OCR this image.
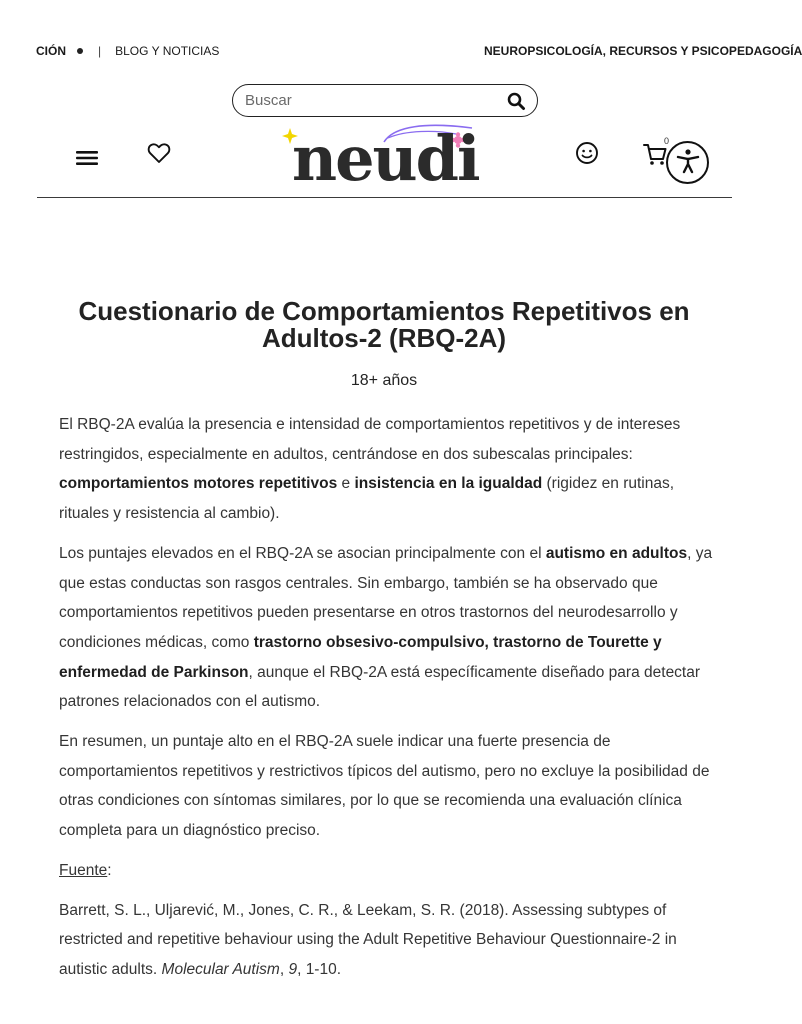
CIÓN	|	BLOG Y NOTICIAS	NEUROPSICOLOGÍA, RECURSOS Y PSICOPEDAGOGÍA
Buscar
neudi	0
Cuestionario de Comportamientos Repetitivos en Adultos-2 (RBQ-2A)
18+ años

El RBQ-2A evalúa la presencia e intensidad de comportamientos repetitivos y de intereses restringidos, especialmente en adultos, centrándose en dos subescalas principales: comportamientos motores repetitivos e insistencia en la igualdad (rigidez en rutinas, rituales y resistencia al cambio).

Los puntajes elevados en el RBQ-2A se asocian principalmente con el autismo en adultos, ya que estas conductas son rasgos centrales. Sin embargo, también se ha observado que comportamientos repetitivos pueden presentarse en otros trastornos del neurodesarrollo y condiciones médicas, como trastorno obsesivo-compulsivo, trastorno de Tourette y enfermedad de Parkinson, aunque el RBQ-2A está específicamente diseñado para detectar patrones relacionados con el autismo.

En resumen, un puntaje alto en el RBQ-2A suele indicar una fuerte presencia de comportamientos repetitivos y restrictivos típicos del autismo, pero no excluye la posibilidad de otras condiciones con síntomas similares, por lo que se recomienda una evaluación clínica completa para un diagnóstico preciso.

Fuente:

Barrett, S. L., Uljarević, M., Jones, C. R., & Leekam, S. R. (2018). Assessing subtypes of restricted and repetitive behaviour using the Adult Repetitive Behaviour Questionnaire-2 in autistic adults. Molecular Autism, 9, 1-10.
